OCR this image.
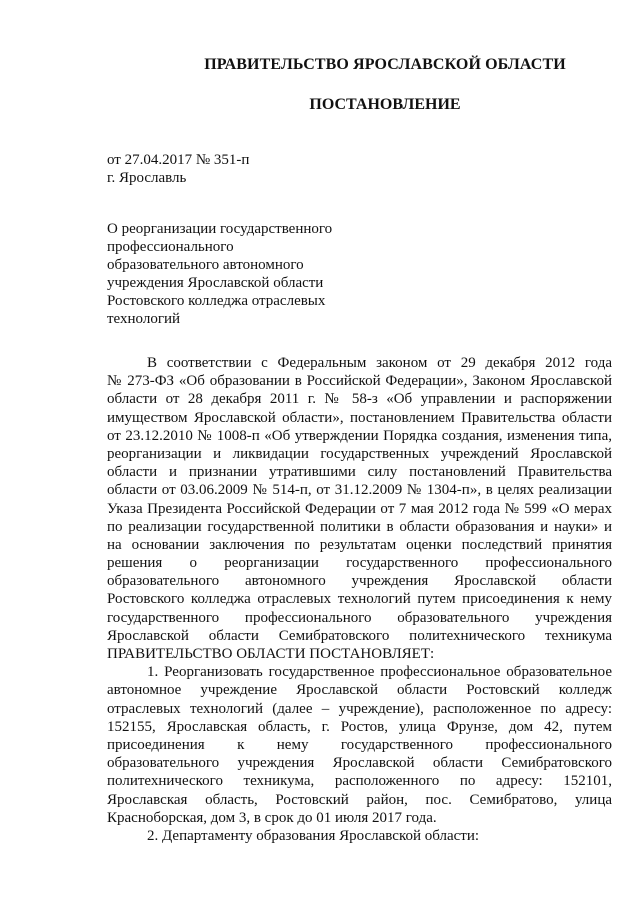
ПРАВИТЕЛЬСТВО ЯРОСЛАВСКОЙ ОБЛАСТИ
ПОСТАНОВЛЕНИЕ
от 27.04.2017 № 351-п
г. Ярославль
О реорганизации государственного
профессионального
образовательного автономного
учреждения Ярославской области
Ростовского колледжа отраслевых
технологий
В соответствии с Федеральным законом от 29 декабря 2012 года
№ 273-ФЗ «Об образовании в Российской Федерации», Законом Ярославской
области от 28 декабря 2011 г. № 58-з «Об управлении и распоряжении
имуществом Ярославской области», постановлением Правительства области
от 23.12.2010 № 1008-п «Об утверждении Порядка создания, изменения типа,
реорганизации и ликвидации государственных учреждений Ярославской
области и признании утратившими силу постановлений Правительства
области от 03.06.2009 № 514-п, от 31.12.2009 № 1304-п», в целях реализации
Указа Президента Российской Федерации от 7 мая 2012 года № 599 «О мерах
по реализации государственной политики в области образования и науки» и
на основании заключения по результатам оценки последствий принятия
решения о реорганизации государственного профессионального
образовательного автономного учреждения Ярославской области
Ростовского колледжа отраслевых технологий путем присоединения к нему
государственного профессионального образовательного учреждения
Ярославской области Семибратовского политехнического техникума
ПРАВИТЕЛЬСТВО ОБЛАСТИ ПОСТАНОВЛЯЕТ:
1. Реорганизовать государственное профессиональное образовательное
автономное учреждение Ярославской области Ростовский колледж
отраслевых технологий (далее – учреждение), расположенное по адресу:
152155, Ярославская область, г. Ростов, улица Фрунзе, дом 42, путем
присоединения к нему государственного профессионального
образовательного учреждения Ярославской области Семибратовского
политехнического техникума, расположенного по адресу: 152101,
Ярославская область, Ростовский район, пос. Семибратово, улица
Красноборская, дом 3, в срок до 01 июля 2017 года.
2. Департаменту образования Ярославской области:
